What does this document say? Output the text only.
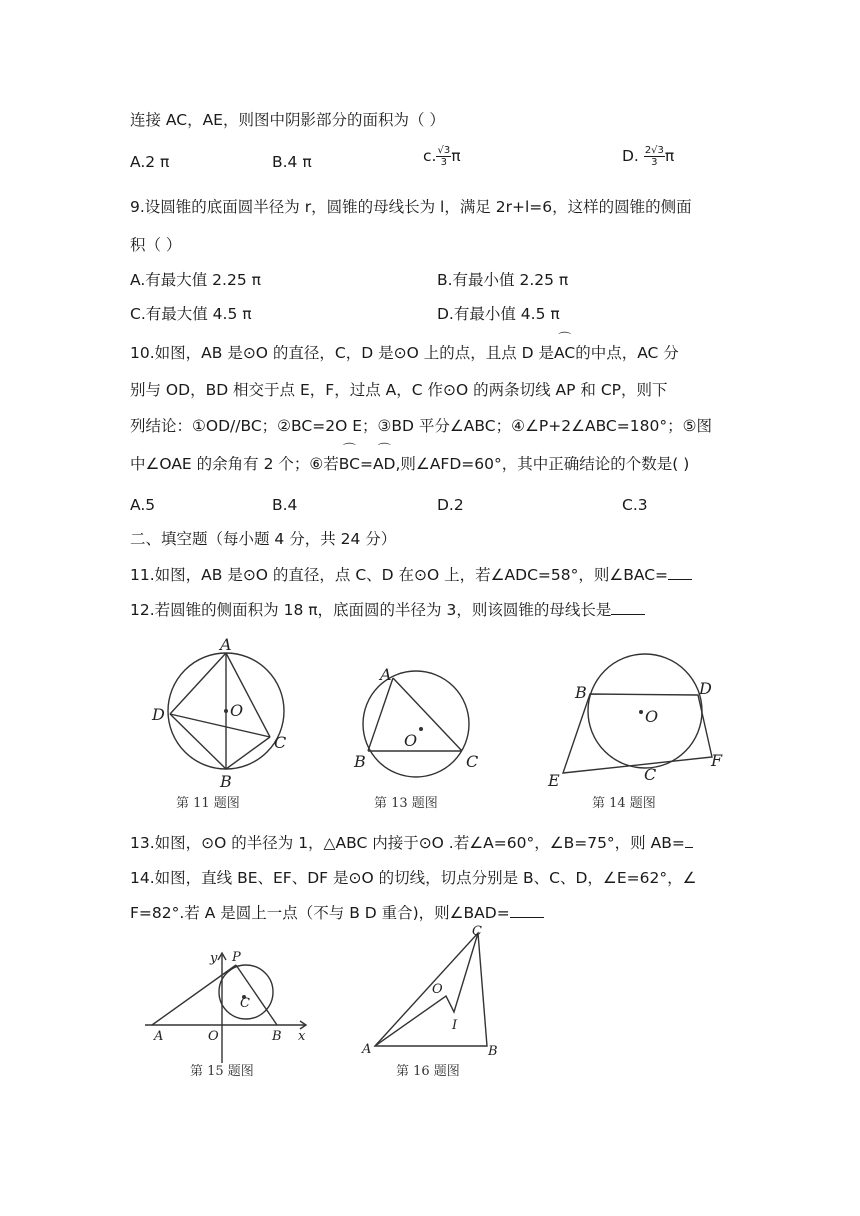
连接 AC，AE，则图中阴影部分的面积为（ ）
A.2 π	B.4 π	c. $\frac{√3}{3}$ π	D. $\frac{2√3}{3}$ π
9.设圆锥的底面圆半径为 r，圆锥的母线长为 l，满足 2r+l=6，这样的圆锥的侧面
积（ ）
A.有最大值 2.25 π	B.有最小值 2.25 π
C.有最大值 4.5 π	D.有最小值 4.5 π
10.如图，AB 是⊙O 的直径，C，D 是⊙O 上的点，且点 D 是⌒ AC的中点，AC 分
别与 OD，BD 相交于点 E，F，过点 A，C 作⊙O 的两条切线 AP 和 CP，则下
列结论：①OD//BC；②BC=2O E；③BD 平分∠ABC；④∠P+2∠ABC=180°；⑤图
中∠OAE 的余角有 2 个；⑥若⌒ BC=⌒ AD,则∠AFD=60°，其中正确结论的个数是( )
A.5	B.4	D.2	C.3
二、填空题（每小题 4 分，共 24 分）
11.如图，AB 是⊙O 的直径，点 C、D 在⊙O 上，若∠ADC=58°，则∠BAC=
12.若圆锥的侧面积为 18 π，底面圆的半径为 3，则该圆锥的母线长是
A
B
C
D	O
第 11 题图
A
B	C
O
第 13 题图
B	D
O
E	C
F
第 14 题图
13.如图，⊙O 的半径为 1，△ABC 内接于⊙O .若∠A=60°，∠B=75°，则 AB=
14.如图，直线 BE、EF、DF 是⊙O 的切线，切点分别是 B、C、D，∠E=62°，∠
F=82°.若 A 是圆上一点（不与 B D 重合)，则∠BAD=
y P
C
A	O	B x
第 15 题图
C
O
I
A	B
第 16 题图
